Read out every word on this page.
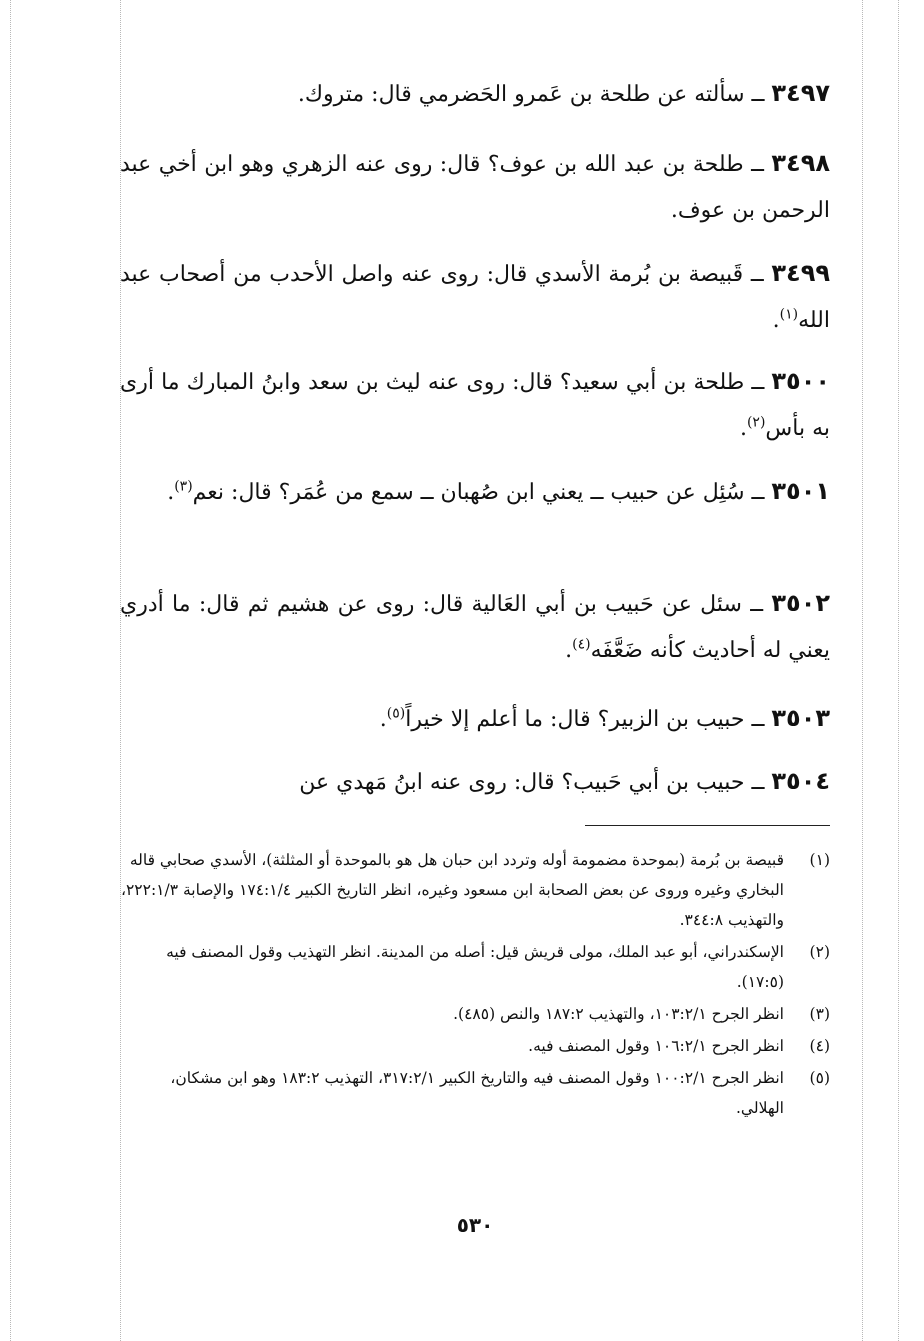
٣٤٩٧ ــ سألته عن طلحة بن عَمرو الحَضرمي قال: متروك.
٣٤٩٨ ــ طلحة بن عبد الله بن عوف؟ قال: روى عنه الزهري وهو ابن أخي عبد الرحمن بن عوف.
٣٤٩٩ ــ قَبيصة بن بُرمة الأسدي قال: روى عنه واصل الأحدب من أصحاب عبد الله$^{(١)}$.
٣٥٠٠ ــ طلحة بن أبي سعيد؟ قال: روى عنه ليث بن سعد وابنُ المبارك ما أرى به بأس$^{(٢)}$.
٣٥٠١ ــ سُئِل عن حبيب ــ يعني ابن صُهبان ــ سمع من عُمَر؟ قال: نعم$^{(٣)}$.
٣٥٠٢ ــ سئل عن حَبيب بن أبي العَالية قال: روى عن هشيم ثم قال: ما أدري يعني له أحاديث كأنه ضَعَّفَه$^{(٤)}$.
٣٥٠٣ ــ حبيب بن الزبير؟ قال: ما أعلم إلا خيراً$^{(٥)}$.
٣٥٠٤ ــ حبيب بن أبي حَبيب؟ قال: روى عنه ابنُ مَهدي عن
(١)
قبيصة بن بُرمة (بموحدة مضمومة أوله وتردد ابن حبان هل هو بالموحدة أو المثلثة)، الأسدي صحابي قاله البخاري وغيره وروى عن بعض الصحابة ابن مسعود وغيره، انظر التاريخ الكبير ١٧٤:١/٤ والإصابة ٢٢٢:١/٣، والتهذيب ٣٤٤:٨.
(٢)
الإسكندراني، أبو عبد الملك، مولى قريش قيل: أصله من المدينة. انظر التهذيب وقول المصنف فيه (١٧:٥).
(٣)
انظر الجرح ١٠٣:٢/١، والتهذيب ١٨٧:٢ والنص (٤٨٥).
(٤)
انظر الجرح ١٠٦:٢/١ وقول المصنف فيه.
(٥)
انظر الجرح ١٠٠:٢/١ وقول المصنف فيه والتاريخ الكبير ٣١٧:٢/١، التهذيب ١٨٣:٢ وهو ابن مشكان، الهلالي.
٥٣٠
